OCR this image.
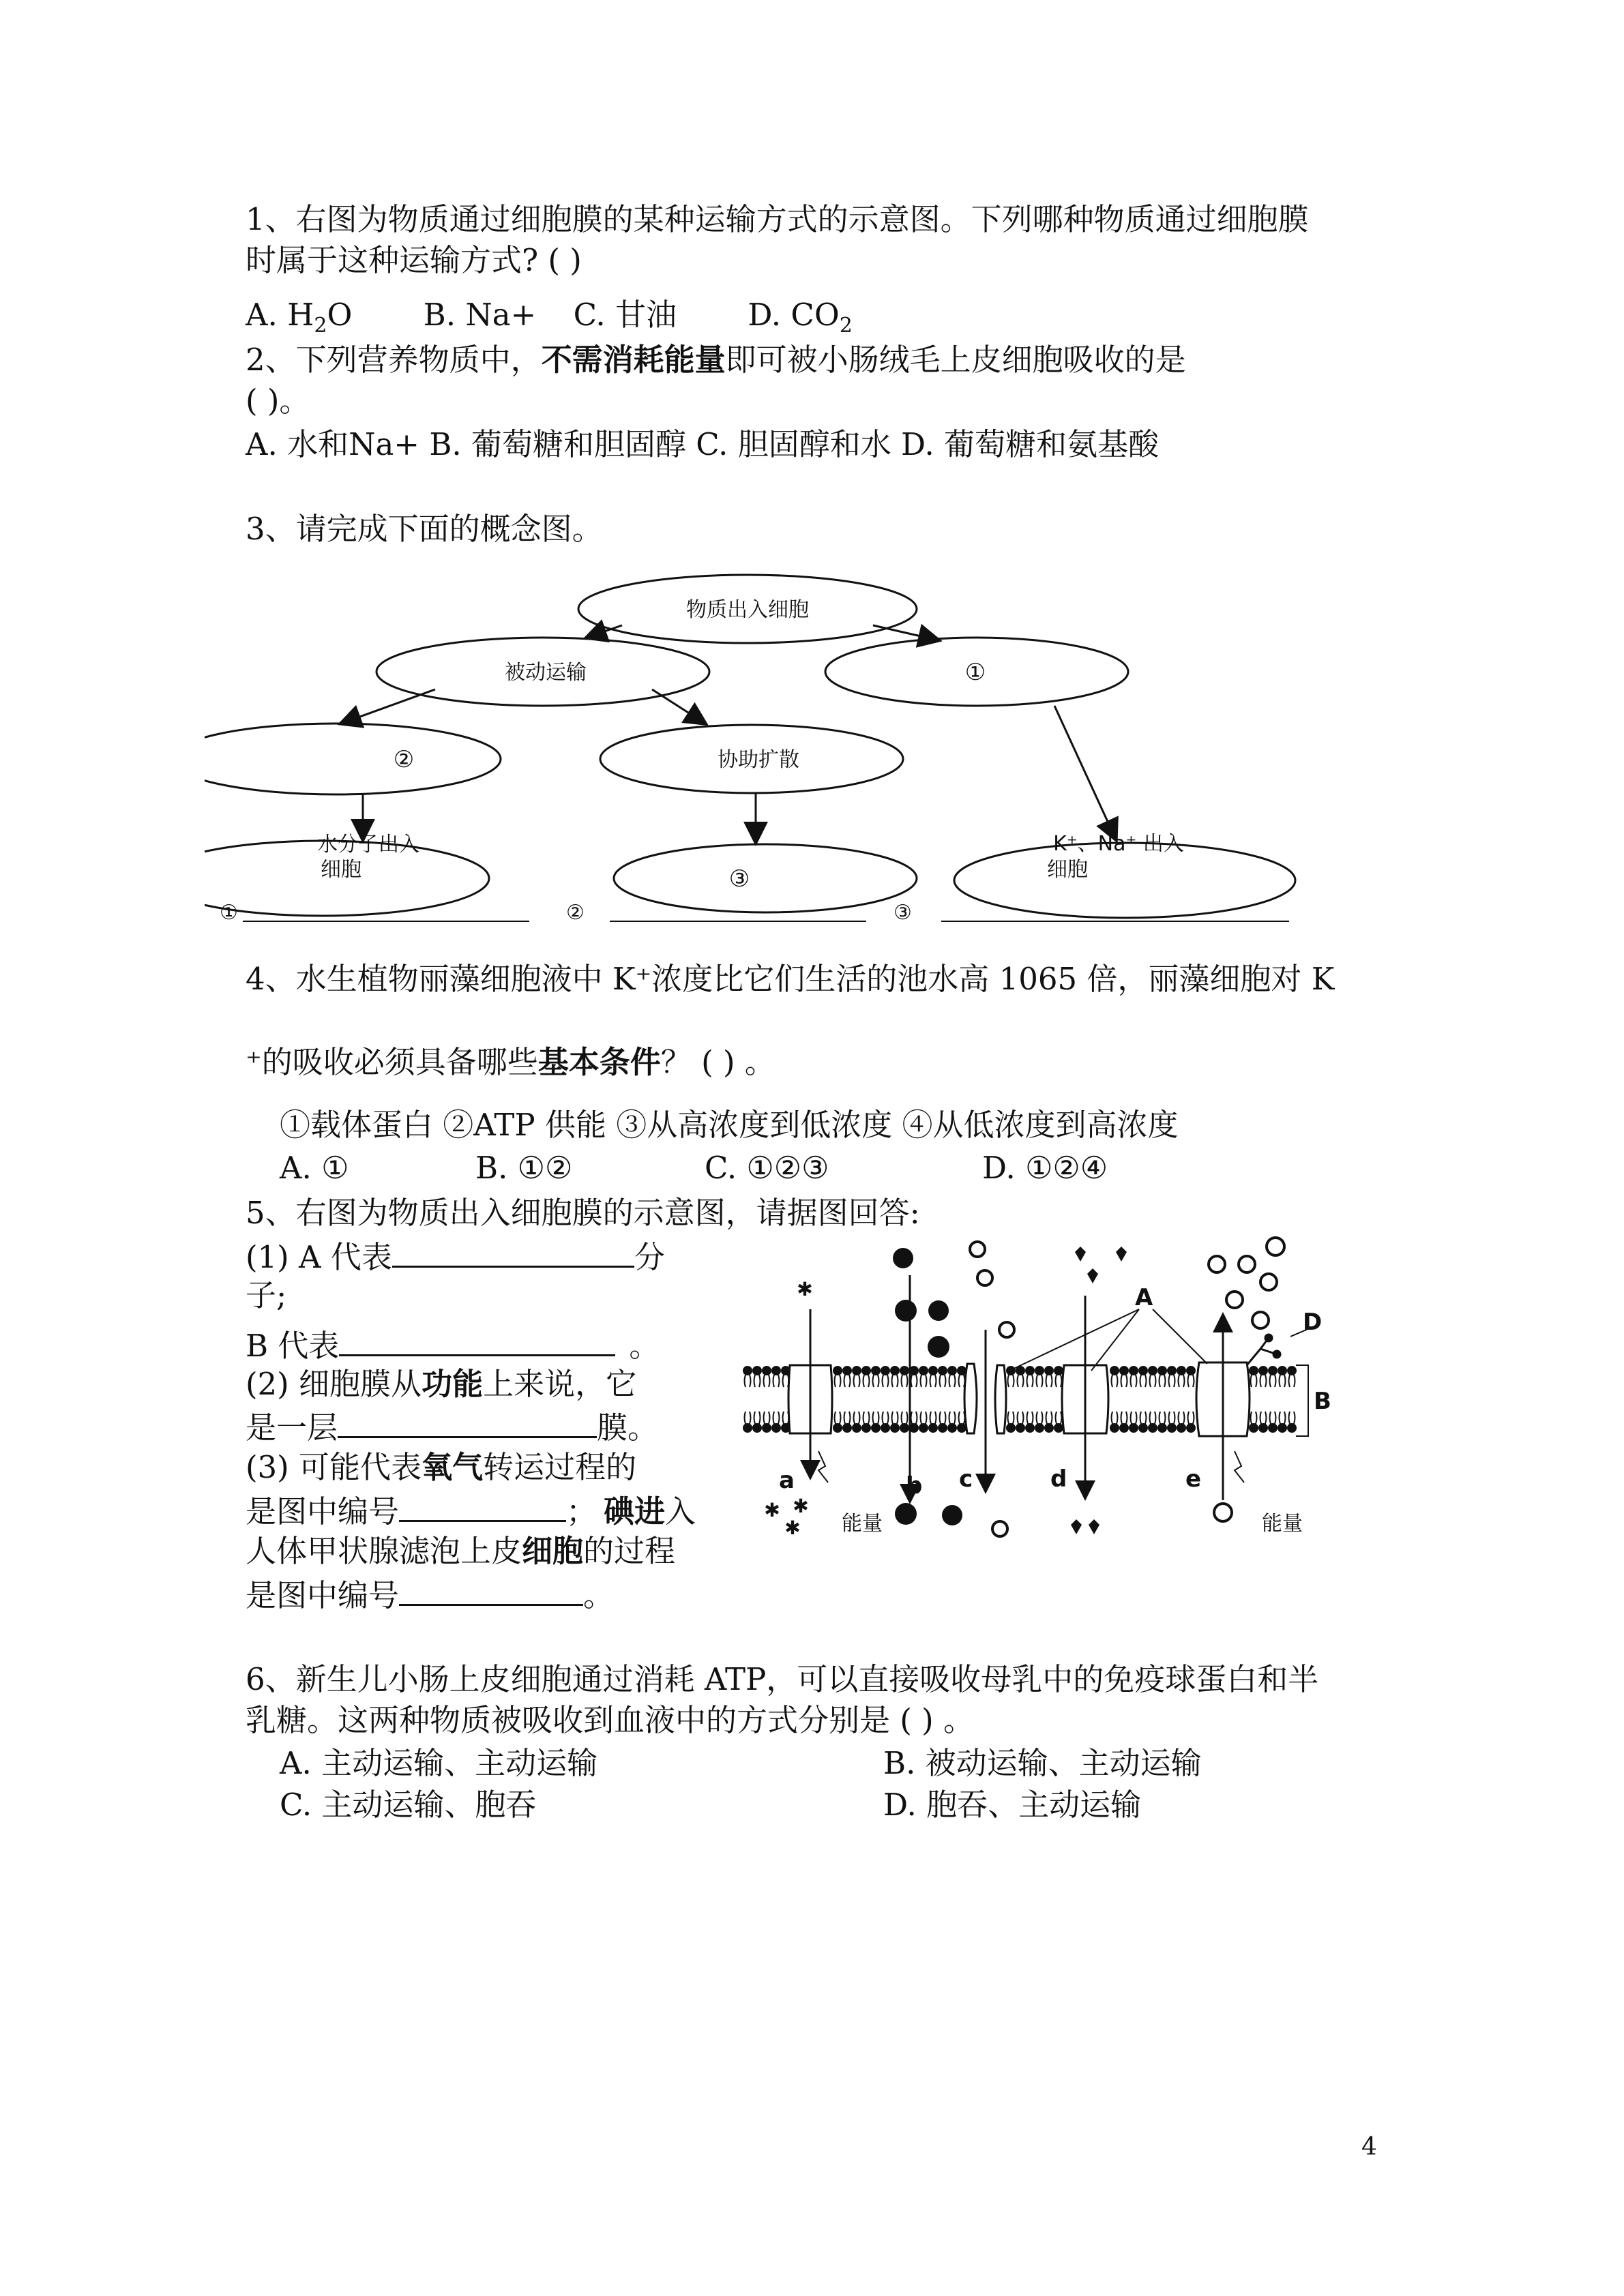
1、右图为物质通过细胞膜的某种运输方式的示意图。下列哪种物质通过细胞膜
时属于这种运输方式? ( )
A. $H_2O$ B. Na+ C. 甘油 D. $CO_2$
2、下列营养物质中，不需消耗能量即可被小肠绒毛上皮细胞吸收的是
( )。
A. 水和Na+ B. 葡萄糖和胆固醇 C. 胆固醇和水 D. 葡萄糖和氨基酸
3、请完成下面的概念图。
物质出入细胞
被动运输	①
②	协助扩散
水分子出入
细胞	③
K⁺、Na⁺ 出入
细胞
①	②	③
4、水生植物丽藻细胞液中 K⁺浓度比它们生活的池水高 1065 倍，丽藻细胞对 K
⁺的吸收必须具备哪些基本条件？ ( ) 。
①载体蛋白 ②ATP 供能 ③从高浓度到低浓度 ④从低浓度到高浓度
A. ①	B. ①②	C. ①②③	D. ①②④
5、右图为物质出入细胞膜的示意图，请据图回答:
(1) A 代表	分
子;
B 代表	。
(2) 细胞膜从功能上来说，它
是一层	膜。
(3) 可能代表氧气转运过程的
是图中编号	； 碘进入
人体甲状腺滤泡上皮细胞的过程
是图中编号	。
✱
✱
✱
✱
A
B
D
a	b c	d	e
能量	能量
6、新生儿小肠上皮细胞通过消耗 ATP，可以直接吸收母乳中的免疫球蛋白和半
乳糖。这两种物质被吸收到血液中的方式分别是 ( ) 。
A. 主动运输、主动运输	B. 被动运输、主动运输
C. 主动运输、胞吞	D. 胞吞、主动运输
4
